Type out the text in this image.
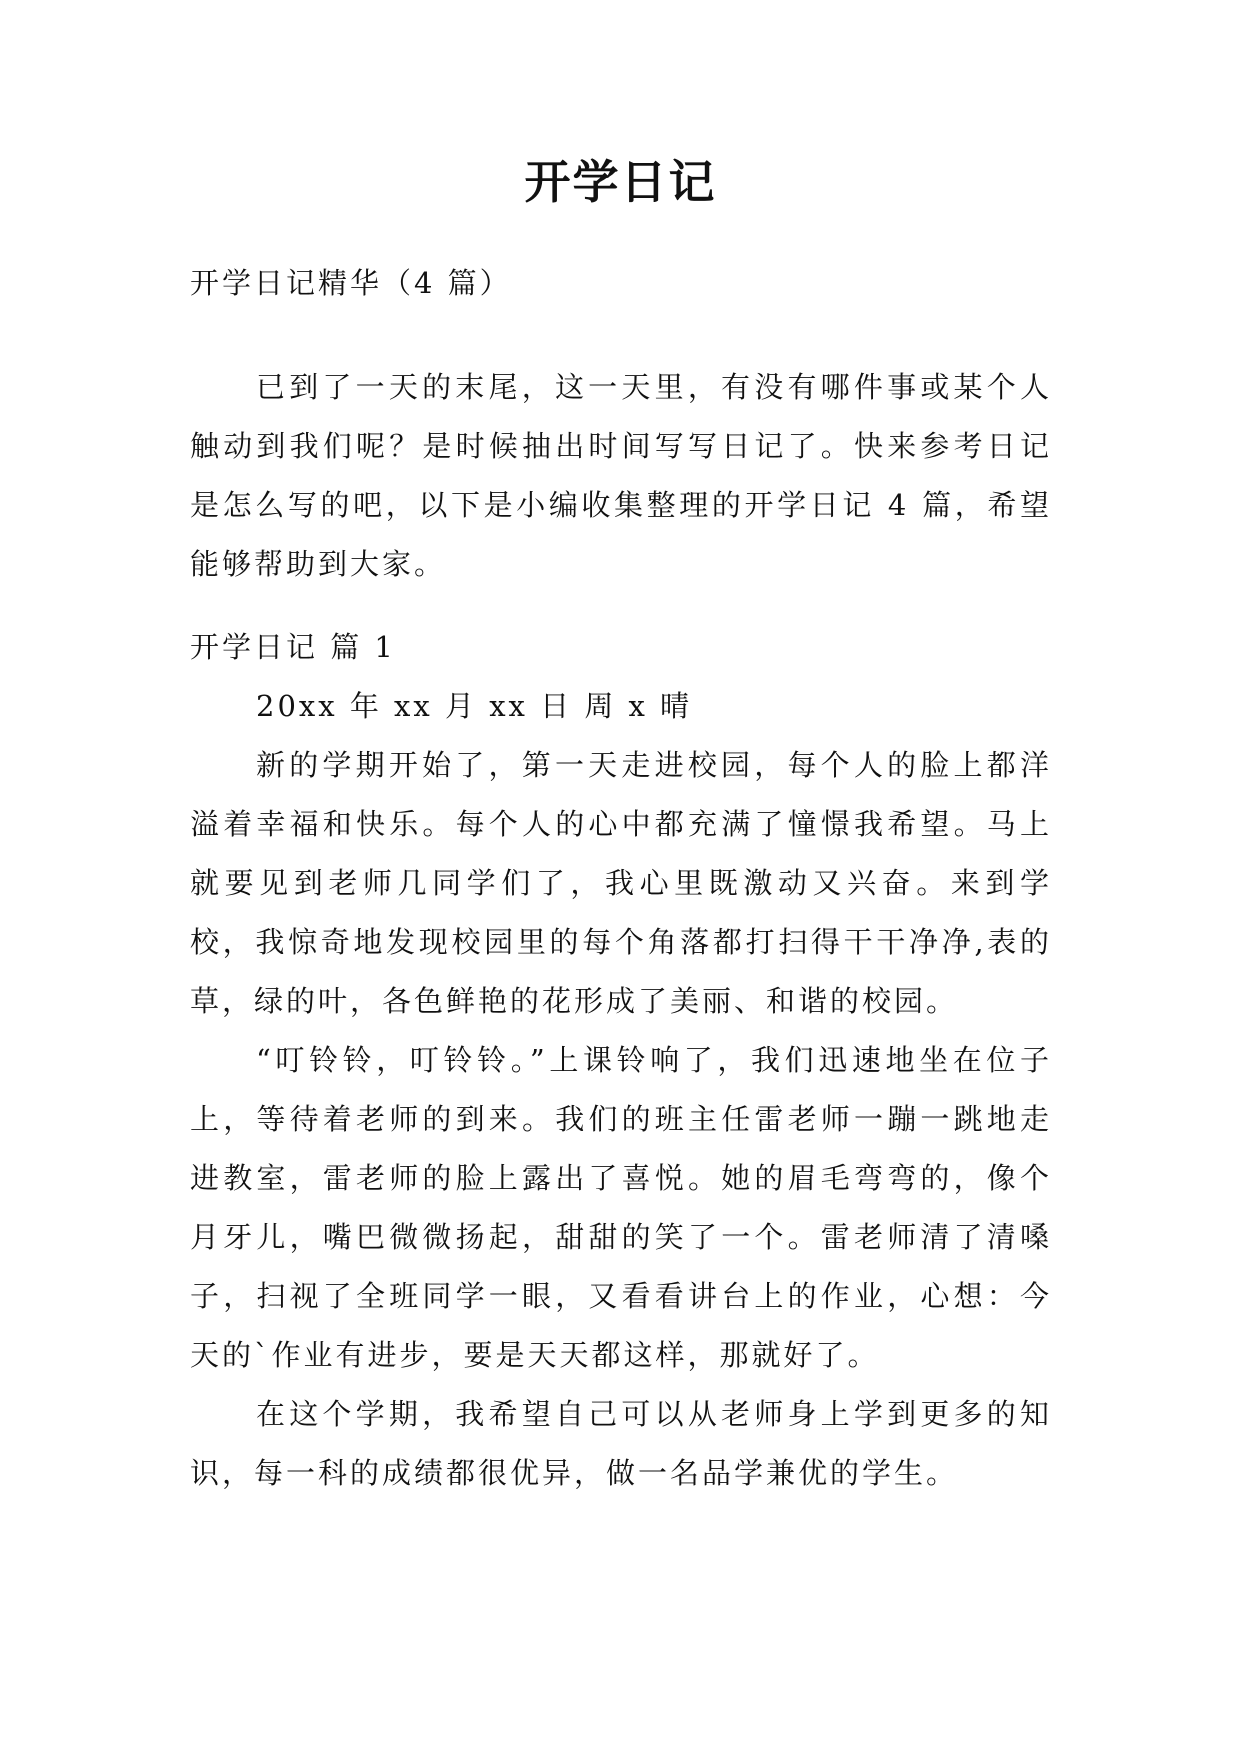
开学日记

开学日记精华（4 篇）

已到了一天的末尾，这一天里，有没有哪件事或某个人触动到我们呢？是时候抽出时间写写日记了。快来参考日记是怎么写的吧，以下是小编收集整理的开学日记 4 篇，希望能够帮助到大家。

开学日记 篇 1

20xx 年 xx 月 xx 日 周 x 晴

新的学期开始了，第一天走进校园，每个人的脸上都洋溢着幸福和快乐。每个人的心中都充满了憧憬我希望。马上就要见到老师几同学们了，我心里既激动又兴奋。来到学校，我惊奇地发现校园里的每个角落都打扫得干干净净,表的草，绿的叶，各色鲜艳的花形成了美丽、和谐的校园。

“叮铃铃，叮铃铃。”上课铃响了，我们迅速地坐在位子上，等待着老师的到来。我们的班主任雷老师一蹦一跳地走进教室，雷老师的脸上露出了喜悦。她的眉毛弯弯的，像个月牙儿，嘴巴微微扬起，甜甜的笑了一个。雷老师清了清嗓子，扫视了全班同学一眼，又看看讲台上的作业，心想：今天的`作业有进步，要是天天都这样，那就好了。

在这个学期，我希望自己可以从老师身上学到更多的知识，每一科的成绩都很优异，做一名品学兼优的学生。
